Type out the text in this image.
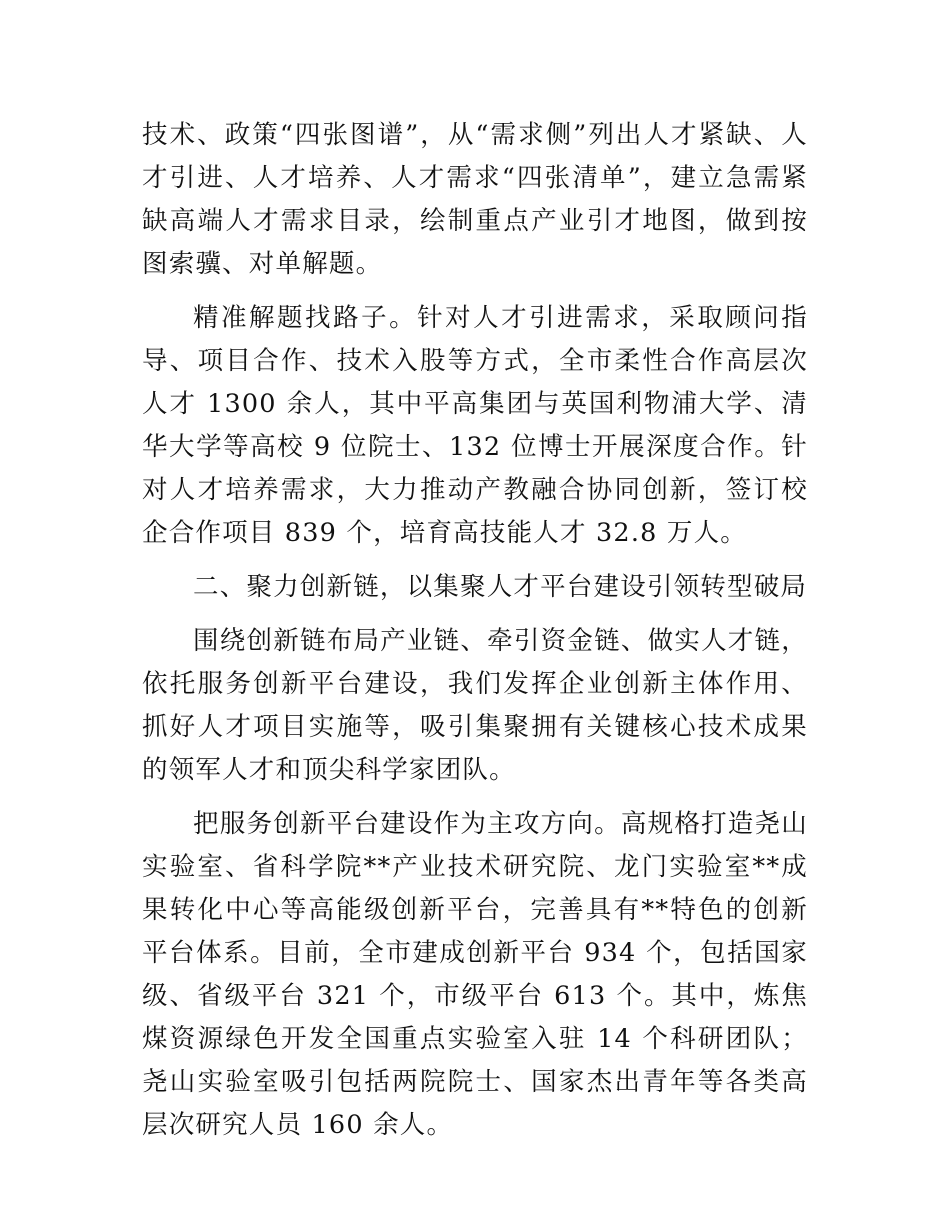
技术、政策“四张图谱”，从“需求侧”列出人才紧缺、人才引进、人才培养、人才需求“四张清单”，建立急需紧缺高端人才需求目录，绘制重点产业引才地图，做到按图索骥、对单解题。

精准解题找路子。针对人才引进需求，采取顾问指导、项目合作、技术入股等方式，全市柔性合作高层次人才 1300 余人，其中平高集团与英国利物浦大学、清华大学等高校 9 位院士、132 位博士开展深度合作。针对人才培养需求，大力推动产教融合协同创新，签订校企合作项目 839 个，培育高技能人才 32.8 万人。

二、聚力创新链，以集聚人才平台建设引领转型破局

围绕创新链布局产业链、牵引资金链、做实人才链，依托服务创新平台建设，我们发挥企业创新主体作用、抓好人才项目实施等，吸引集聚拥有关键核心技术成果的领军人才和顶尖科学家团队。

把服务创新平台建设作为主攻方向。高规格打造尧山实验室、省科学院**产业技术研究院、龙门实验室**成果转化中心等高能级创新平台，完善具有**特色的创新平台体系。目前，全市建成创新平台 934 个，包括国家级、省级平台 321 个，市级平台 613 个。其中，炼焦煤资源绿色开发全国重点实验室入驻 14 个科研团队；尧山实验室吸引包括两院院士、国家杰出青年等各类高层次研究人员 160 余人。
